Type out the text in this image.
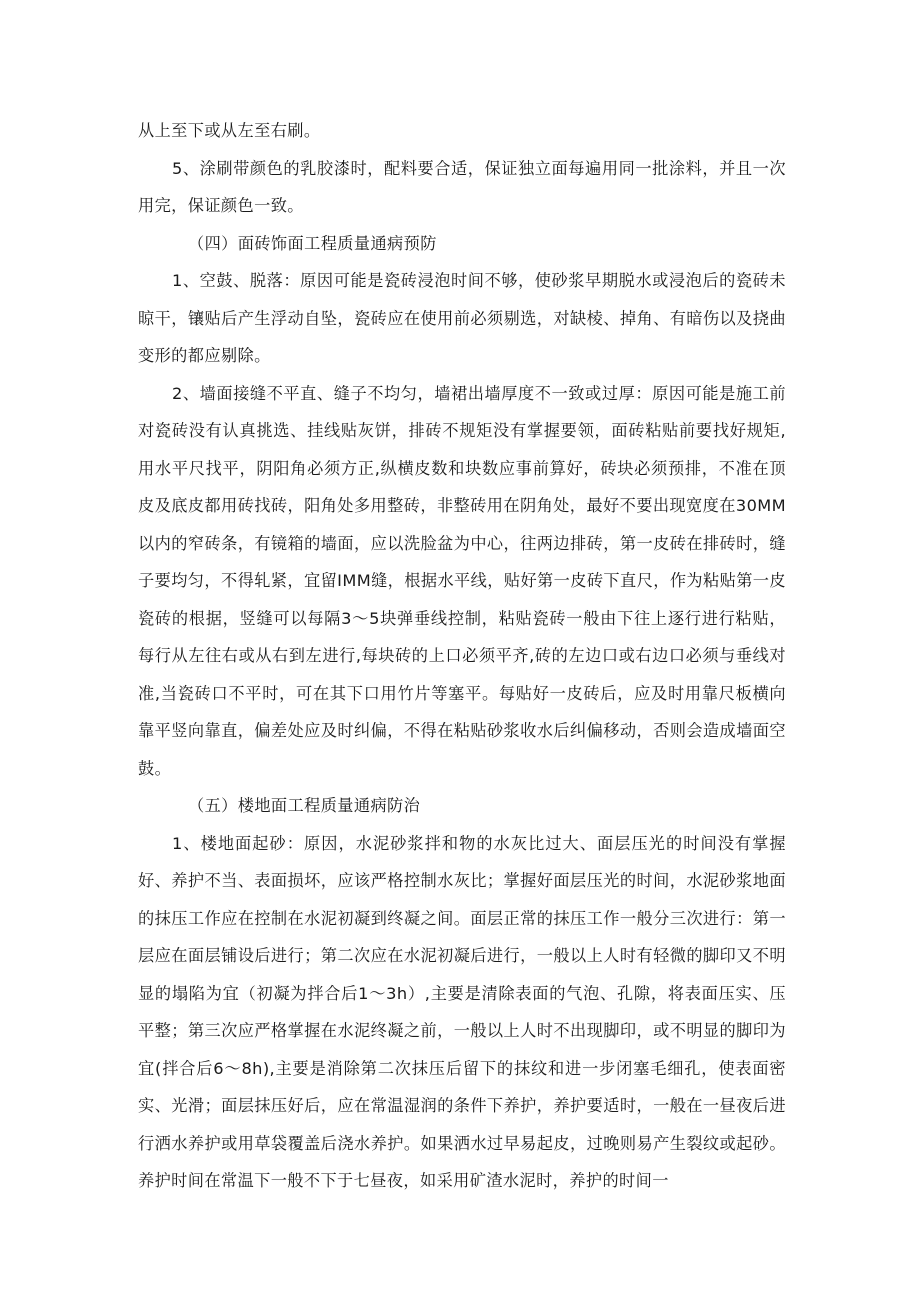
从上至下或从左至右刷。

5、涂刷带颜色的乳胶漆时，配料要合适，保证独立面每遍用同一批涂料，并且一次用完，保证颜色一致。

（四）面砖饰面工程质量通病预防

1、空鼓、脱落：原因可能是瓷砖浸泡时间不够，使砂浆早期脱水或浸泡后的瓷砖未晾干，镶贴后产生浮动自坠，瓷砖应在使用前必须剔选，对缺棱、掉角、有暗伤以及挠曲变形的都应剔除。

2、墙面接缝不平直、缝子不均匀，墙裙出墙厚度不一致或过厚：原因可能是施工前对瓷砖没有认真挑选、挂线贴灰饼，排砖不规矩没有掌握要领，面砖粘贴前要找好规矩,用水平尺找平，阴阳角必须方正,纵横皮数和块数应事前算好，砖块必须预排，不准在顶皮及底皮都用砖找砖，阳角处多用整砖，非整砖用在阴角处，最好不要出现宽度在30MM以内的窄砖条，有镜箱的墙面，应以洗脸盆为中心，往两边排砖，第一皮砖在排砖时，缝子要均匀，不得轧紧，宜留IMM缝，根据水平线，贴好第一皮砖下直尺，作为粘贴第一皮瓷砖的根据，竖缝可以每隔3～5块弹垂线控制，粘贴瓷砖一般由下往上逐行进行粘贴，每行从左往右或从右到左进行,每块砖的上口必须平齐,砖的左边口或右边口必须与垂线对准,当瓷砖口不平时，可在其下口用竹片等塞平。每贴好一皮砖后，应及时用靠尺板横向靠平竖向靠直，偏差处应及时纠偏，不得在粘贴砂浆收水后纠偏移动，否则会造成墙面空鼓。

（五）楼地面工程质量通病防治

1、楼地面起砂：原因，水泥砂浆拌和物的水灰比过大、面层压光的时间没有掌握好、养护不当、表面损坏，应该严格控制水灰比；掌握好面层压光的时间，水泥砂浆地面的抹压工作应在控制在水泥初凝到终凝之间。面层正常的抹压工作一般分三次进行：第一层应在面层铺设后进行；第二次应在水泥初凝后进行，一般以上人时有轻微的脚印又不明显的塌陷为宜（初凝为拌合后1～3h）,主要是清除表面的气泡、孔隙，将表面压实、压平整；第三次应严格掌握在水泥终凝之前，一般以上人时不出现脚印，或不明显的脚印为宜(拌合后6～8h),主要是消除第二次抹压后留下的抹纹和进一步闭塞毛细孔，使表面密实、光滑；面层抹压好后，应在常温湿润的条件下养护，养护要适时，一般在一昼夜后进行洒水养护或用草袋覆盖后浇水养护。如果洒水过早易起皮，过晚则易产生裂纹或起砂。养护时间在常温下一般不下于七昼夜，如采用矿渣水泥时，养护的时间一
